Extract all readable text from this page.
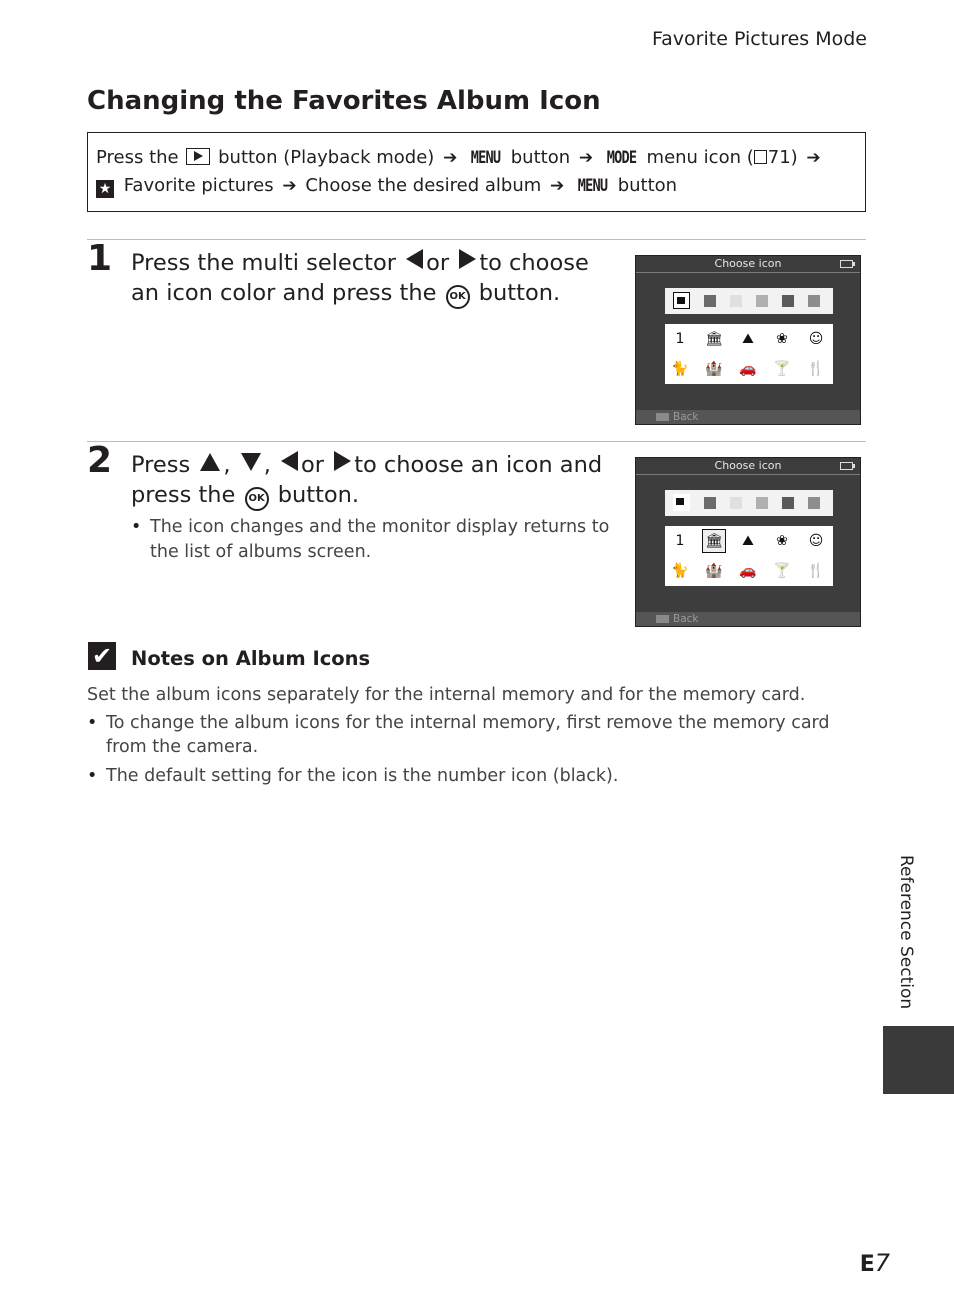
Favorite Pictures Mode
Changing the Favorites Album Icon
Press the button (Playback mode) ➔ MENU button ➔ MODE menu icon ( 71) ➔
★ Favorite pictures ➔ Choose the desired album ➔ MENU button
1 Press the multi selector or to choose an icon color and press the OK button.
Choose icon
1	🏛	⛰	❀	☺
🐈 🏰 🚗 🍸 🍴
Back
2 Press , , or to choose an icon and press the OK button.
• The icon changes and the monitor display returns to the list of albums screen.
Choose icon
1	🏛	⛰	❀	☺
🐈 🏰 🚗 🍸 🍴
Back
✔ Notes on Album Icons
Set the album icons separately for the internal memory and for the memory card.
• To change the album icons for the internal memory, first remove the memory card from the camera.
• The default setting for the icon is the number icon (black).
Reference Section
E7
